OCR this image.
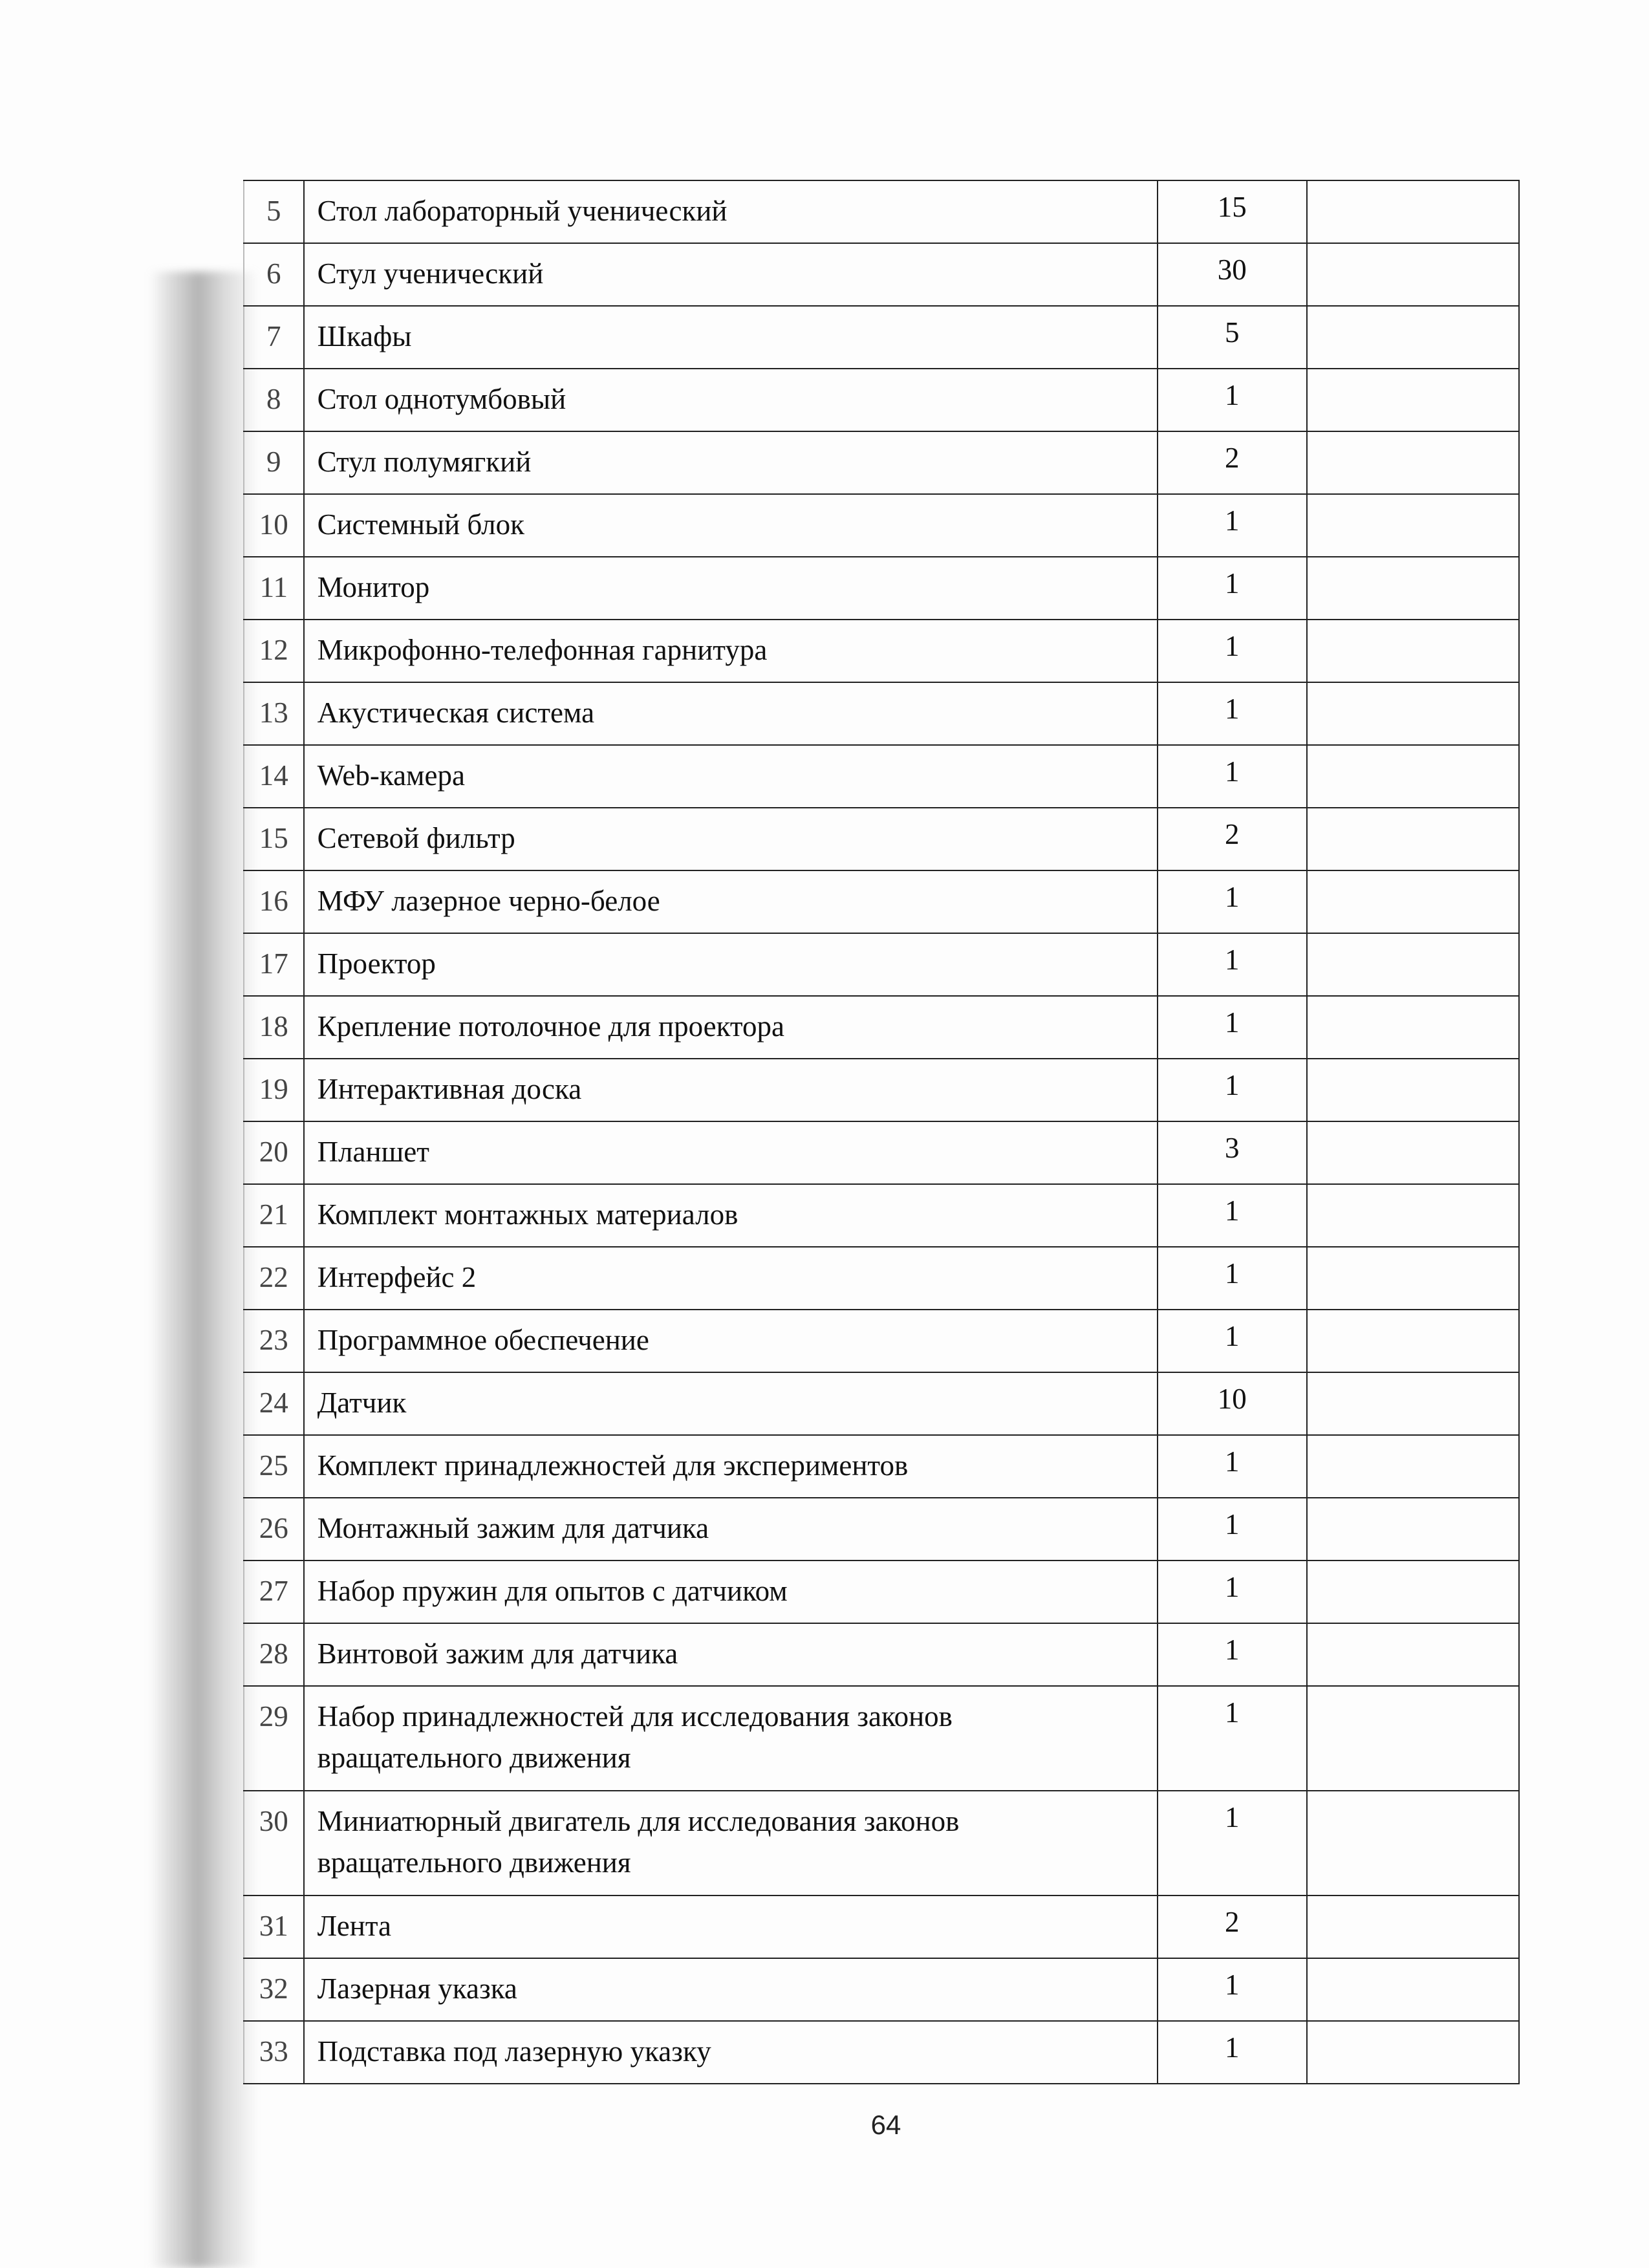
5	Стол лабораторный ученический	15	
6	Стул ученический	30	
7	Шкафы	5	
8	Стол однотумбовый	1	
9	Стул полумягкий	2	
10	Системный блок	1	
11	Монитор	1	
12	Микрофонно-телефонная гарнитура	1	
13	Акустическая система	1	
14	Web-камера	1	
15	Сетевой фильтр	2	
16	МФУ лазерное черно-белое	1	
17	Проектор	1	
18	Крепление потолочное для проектора	1	
19	Интерактивная доска	1	
20	Планшет	3	
21	Комплект монтажных материалов	1	
22	Интерфейс 2	1	
23	Программное обеспечение	1	
24	Датчик	10	
25	Комплект принадлежностей для экспериментов	1	
26	Монтажный зажим для датчика	1	
27	Набор пружин для опытов с датчиком	1	
28	Винтовой зажим для датчика	1	
29	Набор принадлежностей для исследования законов вращательного движения	1	
30	Миниатюрный двигатель для исследования законов вращательного движения	1	
31	Лента	2	
32	Лазерная указка	1	
33	Подставка под лазерную указку	1	
64
